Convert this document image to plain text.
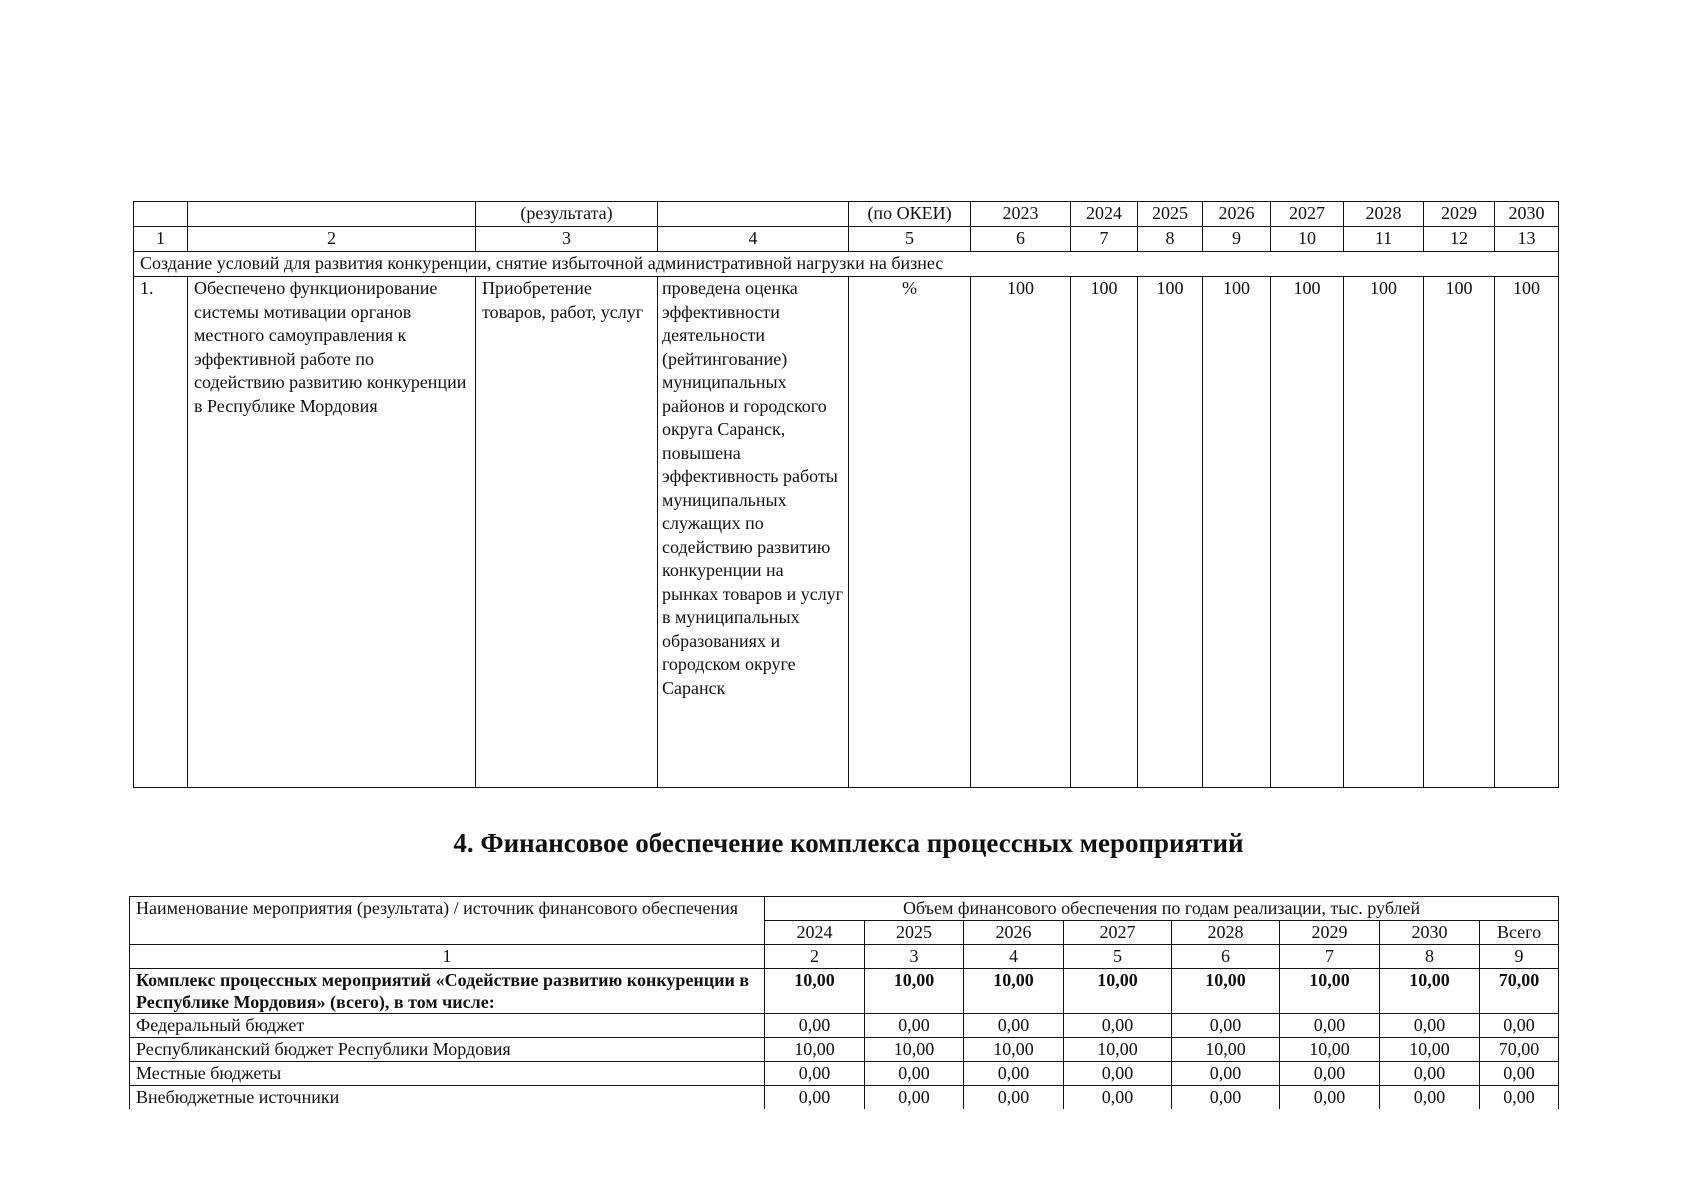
		(результата)		(по ОКЕИ)	2023	2024	2025	2026	2027	2028	2029	2030
1	2	3	4	5	6	7	8	9	10	11	12	13
Создание условий для развития конкуренции, снятие избыточной административной нагрузки на бизнес												
1.	Обеспечено функционирование системы мотивации органов местного самоуправления к эффективной работе по содействию развитию конкуренции в Республике Мордовия	Приобретение товаров, работ, услуг	проведена оценка эффективности деятельности (рейтингование) муниципальных районов и городского округа Саранск, повышена эффективность работы муниципальных служащих по содействию развитию конкуренции на рынках товаров и услуг в муниципальных образованиях и городском округе Саранск	%	100	100	100	100	100	100	100	100
4. Финансовое обеспечение комплекса процессных мероприятий
Наименование мероприятия (результата) / источник финансового обеспечения	Объем финансового обеспечения по годам реализации, тыс. рублей							
	2024	2025	2026	2027	2028	2029	2030	Всего
1	2	3	4	5	6	7	8	9
Комплекс процессных мероприятий «Содействие развитию конкуренции в Республике Мордовия» (всего), в том числе:	10,00	10,00	10,00	10,00	10,00	10,00	10,00	70,00
Федеральный бюджет	0,00	0,00	0,00	0,00	0,00	0,00	0,00	0,00
Республиканский бюджет Республики Мордовия	10,00	10,00	10,00	10,00	10,00	10,00	10,00	70,00
Местные бюджеты	0,00	0,00	0,00	0,00	0,00	0,00	0,00	0,00
Внебюджетные источники	0,00	0,00	0,00	0,00	0,00	0,00	0,00	0,00
